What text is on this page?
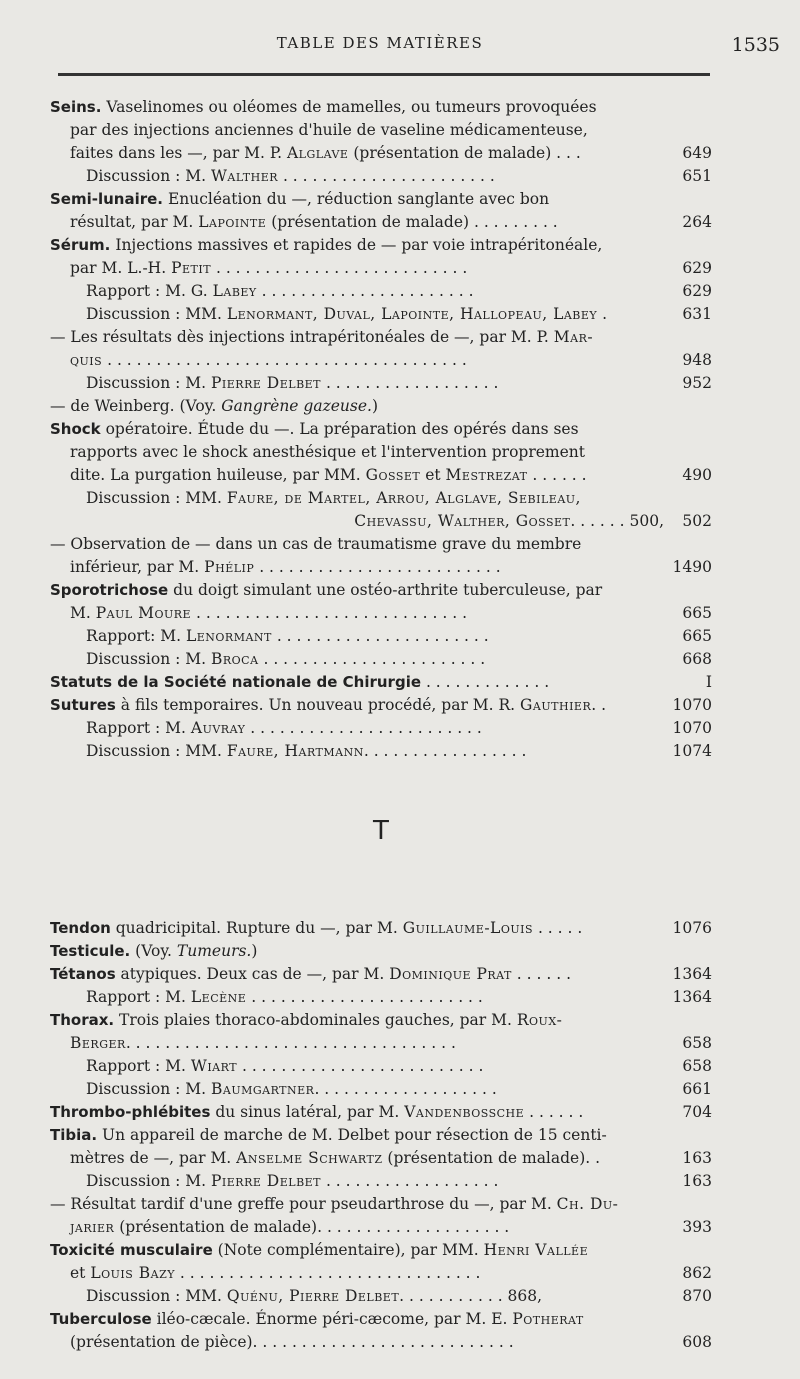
TABLE DES MATIÈRES	1535
Seins. Vaselinomes ou oléomes de mamelles, ou tumeurs provoquées
par des injections anciennes d'huile de vaseline médicamenteuse,
faites dans les —, par M. P. Alglave (présentation de malade) . . .	649
Discussion : M. Walther . . . . . . . . . . . . . . . . . . . . . .	651
Semi-lunaire. Enucléation du —, réduction sanglante avec bon
résultat, par M. Lapointe (présentation de malade) . . . . . . . . .	264
Sérum. Injections massives et rapides de — par voie intrapéritonéale,
par M. L.-H. Petit . . . . . . . . . . . . . . . . . . . . . . . . . .	629
Rapport : M. G. Labey . . . . . . . . . . . . . . . . . . . . . .	629
Discussion : MM. Lenormant, Duval, Lapointe, Hallopeau, Labey .	631
— Les résultats dès injections intrapéritonéales de —, par M. P. Mar-
quis . . . . . . . . . . . . . . . . . . . . . . . . . . . . . . . . . . . . .	948
Discussion : M. Pierre Delbet . . . . . . . . . . . . . . . . . .	952
— de Weinberg. (Voy. Gangrène gazeuse.)
Shock opératoire. Étude du —. La préparation des opérés dans ses
rapports avec le shock anesthésique et l'intervention proprement
dite. La purgation huileuse, par MM. Gosset et Mestrezat . . . . . .	490
Discussion : MM. Faure, de Martel, Arrou, Alglave, Sebileau,
Chevassu, Walther, Gosset. . . . . . 500, 502
— Observation de — dans un cas de traumatisme grave du membre
inférieur, par M. Phélip . . . . . . . . . . . . . . . . . . . . . . . . .	1490
Sporotrichose du doigt simulant une ostéo-arthrite tuberculeuse, par
M. Paul Moure . . . . . . . . . . . . . . . . . . . . . . . . . . . .	665
Rapport: M. Lenormant . . . . . . . . . . . . . . . . . . . . . .	665
Discussion : M. Broca . . . . . . . . . . . . . . . . . . . . . . .	668
Statuts de la Société nationale de Chirurgie . . . . . . . . . . . . .	I
Sutures à fils temporaires. Un nouveau procédé, par M. R. Gauthier. .	1070
Rapport : M. Auvray . . . . . . . . . . . . . . . . . . . . . . . .	1070
Discussion : MM. Faure, Hartmann. . . . . . . . . . . . . . . . .	1074
T
Tendon quadricipital. Rupture du —, par M. Guillaume-Louis . . . . .	1076
Testicule. (Voy. Tumeurs.)
Tétanos atypiques. Deux cas de —, par M. Dominique Prat . . . . . .	1364
Rapport : M. Lecène . . . . . . . . . . . . . . . . . . . . . . . .	1364
Thorax. Trois plaies thoraco-abdominales gauches, par M. Roux-
Berger. . . . . . . . . . . . . . . . . . . . . . . . . . . . . . . . . .	658
Rapport : M. Wiart . . . . . . . . . . . . . . . . . . . . . . . . .	658
Discussion : M. Baumgartner. . . . . . . . . . . . . . . . . . .	661
Thrombo-phlébites du sinus latéral, par M. Vandenbossche . . . . . .	704
Tibia. Un appareil de marche de M. Delbet pour résection de 15 centi-
mètres de —, par M. Anselme Schwartz (présentation de malade). .	163
Discussion : M. Pierre Delbet . . . . . . . . . . . . . . . . . .	163
— Résultat tardif d'une greffe pour pseudarthrose du —, par M. Ch. Du-
jarier (présentation de malade). . . . . . . . . . . . . . . . . . . .	393
Toxicité musculaire (Note complémentaire), par MM. Henri Vallée
et Louis Bazy . . . . . . . . . . . . . . . . . . . . . . . . . . . . . . .	862
Discussion : MM. Quénu, Pierre Delbet. . . . . . . . . . . 868,	870
Tuberculose iléo-cæcale. Énorme péri-cæcome, par M. E. Potherat
(présentation de pièce). . . . . . . . . . . . . . . . . . . . . . . . . . .	608
